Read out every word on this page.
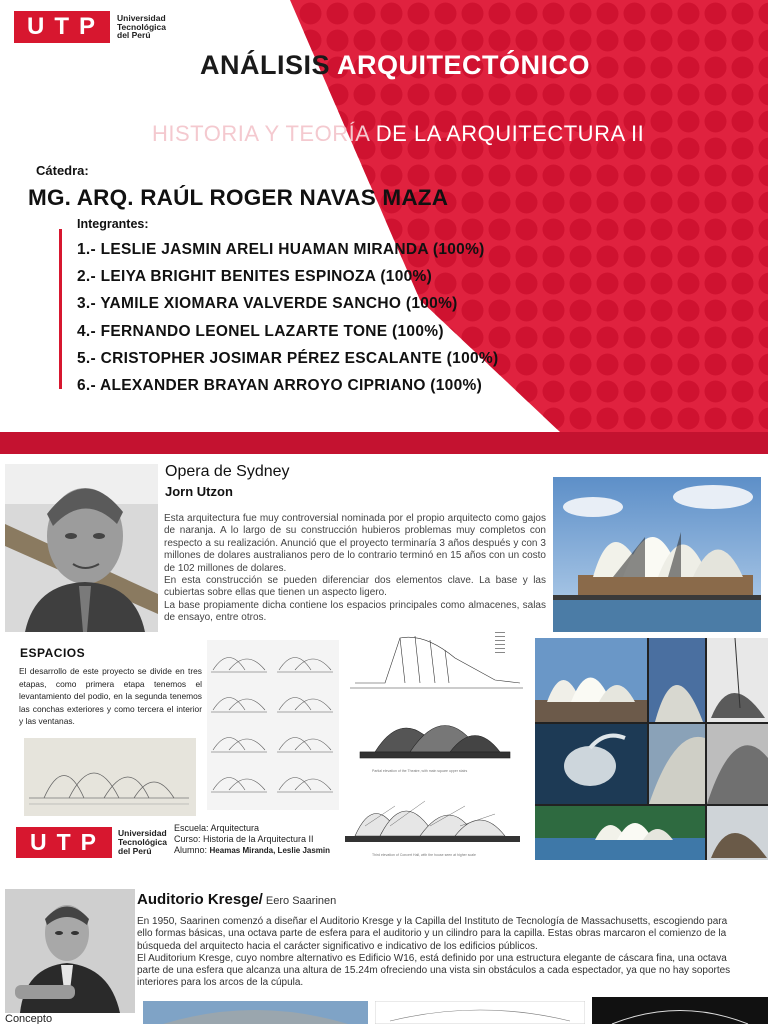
UTP	Universidad
Tecnológica
del Perú
ANÁLISIS ARQUITECTÓNICO
HISTORIA Y TEORÍA DE LA ARQUITECTURA II
Cátedra:
MG. ARQ. RAÚL ROGER NAVAS MAZA
Integrantes:
1.- LESLIE JASMIN ARELI HUAMAN MIRANDA (100%)
2.- LEIYA BRIGHIT BENITES ESPINOZA (100%)
3.- YAMILE XIOMARA VALVERDE SANCHO (100%)
4.- FERNANDO LEONEL LAZARTE TONE (100%)
5.- CRISTOPHER JOSIMAR PÉREZ ESCALANTE (100%)
6.- ALEXANDER BRAYAN ARROYO CIPRIANO (100%)
Opera de Sydney
Jorn Utzon

Esta arquitectura fue muy controversial nominada por el propio arquitecto como gajos de naranja. A lo largo de su construcción hubieros problemas muy completos con respecto a su realización. Anunció que el proyecto terminaría 3 años después y con 3 millones de dolares australianos pero de lo contrario terminó en 15 años con un costo de 102 millones de dolares.

En esta construcción se pueden diferenciar dos elementos clave. La base y las cubiertas sobre ellas que tienen un aspecto ligero.

La base propiamente dicha contiene los espacios principales como almacenes, salas de ensayo, entre otros.

ESPACIOS
El desarrollo de este proyecto se divide en tres etapas, como primera etapa tenemos el levantamiento del podio, en la segunda tenemos las conchas exteriores y como tercera el interior y las ventanas.
Partial elevation of the Theatre, with main square upper stairs
Third elevation of Concert Hall, with the house seen at higher scale
UTP	Universidad
Tecnológica
del Perú
Escuela: Arquitectura
Curso: Historia de la Arquitectura II
Alumno: Heamas Miranda, Leslie Jasmin
Auditorio Kresge/ Eero Saarinen

En 1950, Saarinen comenzó a diseñar el Auditorio Kresge y la Capilla del Instituto de Tecnología de Massachusetts, escogiendo para ello formas básicas, una octava parte de esfera para el auditorio y un cilindro para la capilla. Estas obras marcaron el comienzo de la búsqueda del arquitecto hacia el carácter significativo e indicativo de los edificios públicos.

El Auditorium Kresge, cuyo nombre alternativo es Edificio W16, está definido por una estructura elegante de cáscara fina, una octava parte de una esfera que alcanza una altura de 15.24m ofreciendo una vista sin obstáculos a cada espectador, ya que no hay soportes interiores para los arcos de la cúpula.

Concepto
